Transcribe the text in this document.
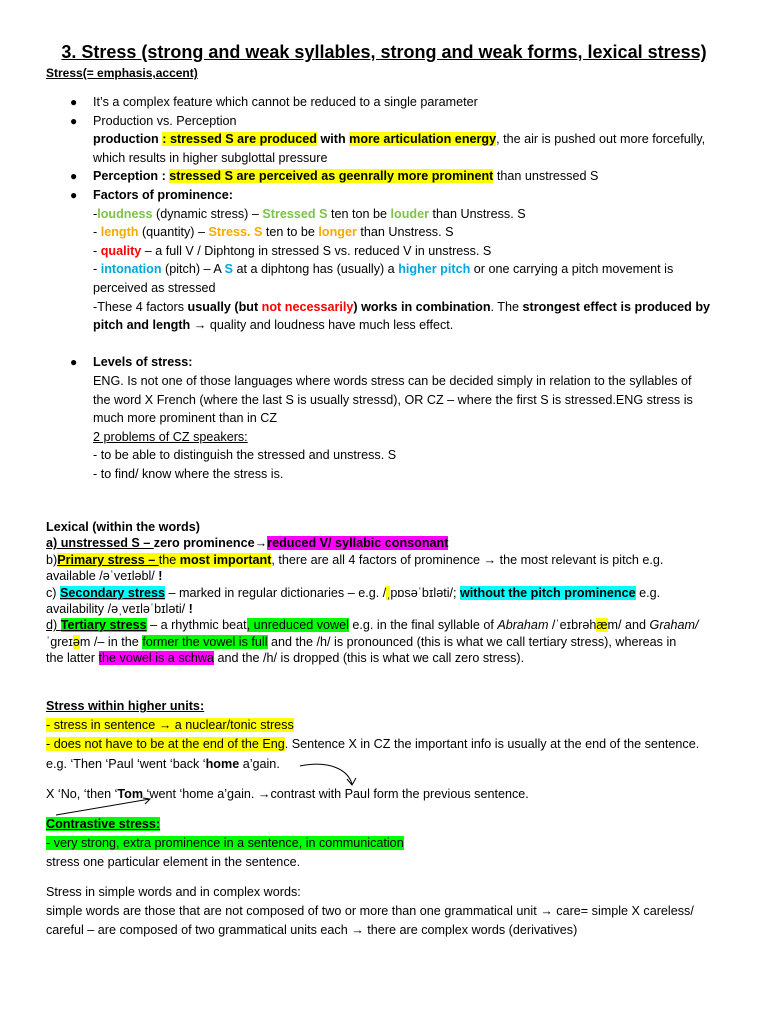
3. Stress (strong and weak syllables, strong and weak forms, lexical stress)
Stress(= emphasis,accent)
● It’s a complex feature which cannot be reduced to a single parameter
● Production vs. Perception
production : stressed S are produced with more articulation energy, the air is pushed out more forcefully,
which results in higher subglottal pressure
● Perception : stressed S are perceived as geenrally more prominent than unstressed S
● Factors of prominence:
-loudness (dynamic stress) – Stressed S ten ton be louder than Unstress. S
- length (quantity) – Stress. S ten to be longer than Unstress. S
- quality – a full V / Diphtong in stressed S vs. reduced V in unstress. S
- intonation (pitch) – A S at a diphtong has (usually) a higher pitch or one carrying a pitch movement is
perceived as stressed
-These 4 factors usually (but not necessarily) works in combination. The strongest effect is produced by
pitch and length → quality and loudness have much less effect.
● Levels of stress:
ENG. Is not one of those languages where words stress can be decided simply in relation to the syllables of
the word X French (where the last S is usually stressd), OR CZ – where the first S is stressed.ENG stress is
much more prominent than in CZ
2 problems of CZ speakers:
- to be able to distinguish the stressed and unstress. S
- to find/ know where the stress is.
Lexical (within the words)
a) unstressed S – zero prominence→reduced V/ syllabic consonant
b)Primary stress – the most important, there are all 4 factors of prominence → the most relevant is pitch e.g.
available /əˈveɪləbl/ !
c) Secondary stress – marked in regular dictionaries – e.g. /ˌpɒsəˈbɪləti/; without the pitch prominence e.g.
availability /əˌveɪləˈbɪləti/ !
d) Tertiary stress – a rhythmic beat, unreduced vowel e.g. in the final syllable of Abraham /ˈeɪbrəhæm/ and Graham/
ˈgreɪəm /– in the former the vowel is full and the /h/ is pronounced (this is what we call tertiary stress), whereas in
the latter the vowel is a schwa and the /h/ is dropped (this is what we call zero stress).
Stress within higher units:
- stress in sentence → a nuclear/tonic stress
- does not have to be at the end of the Eng. Sentence X in CZ the important info is usually at the end of the sentence.
e.g. ‘Then ‘Paul ‘went ‘back ‘home a’gain.
X ‘No, ‘then ‘Tom ‘went ‘home a’gain. →contrast with Paul form the previous sentence.
Contrastive stress:
- very strong, extra prominence in a sentence, in communication
stress one particular element in the sentence.
Stress in simple words and in complex words:
simple words are those that are not composed of two or more than one grammatical unit → care= simple X careless/
careful – are composed of two grammatical units each → there are complex words (derivatives)
